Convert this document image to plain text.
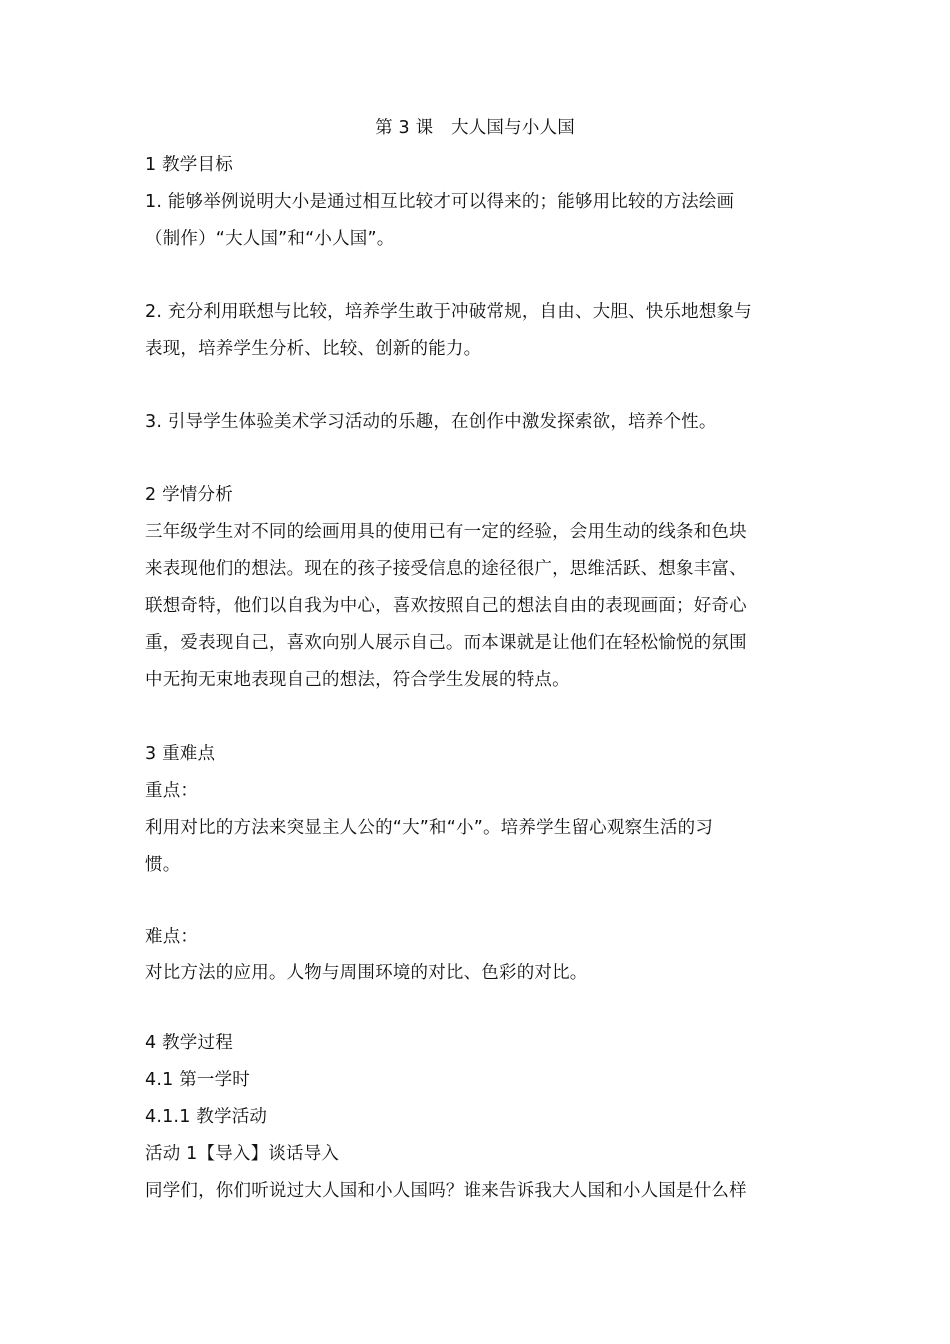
第 3 课　大人国与小人国
1 教学目标
1. 能够举例说明大小是通过相互比较才可以得来的；能够用比较的方法绘画
（制作）“大人国”和“小人国”。
2. 充分利用联想与比较，培养学生敢于冲破常规，自由、大胆、快乐地想象与
表现，培养学生分析、比较、创新的能力。
3. 引导学生体验美术学习活动的乐趣，在创作中激发探索欲，培养个性。
2 学情分析
三年级学生对不同的绘画用具的使用已有一定的经验，会用生动的线条和色块
来表现他们的想法。现在的孩子接受信息的途径很广，思维活跃、想象丰富、
联想奇特，他们以自我为中心，喜欢按照自己的想法自由的表现画面；好奇心
重，爱表现自己，喜欢向别人展示自己。而本课就是让他们在轻松愉悦的氛围
中无拘无束地表现自己的想法，符合学生发展的特点。
3 重难点
重点：
利用对比的方法来突显主人公的“大”和“小”。培养学生留心观察生活的习
惯。
难点：
对比方法的应用。人物与周围环境的对比、色彩的对比。
4 教学过程
4.1 第一学时
4.1.1 教学活动
活动 1【导入】谈话导入
同学们，你们听说过大人国和小人国吗？谁来告诉我大人国和小人国是什么样
